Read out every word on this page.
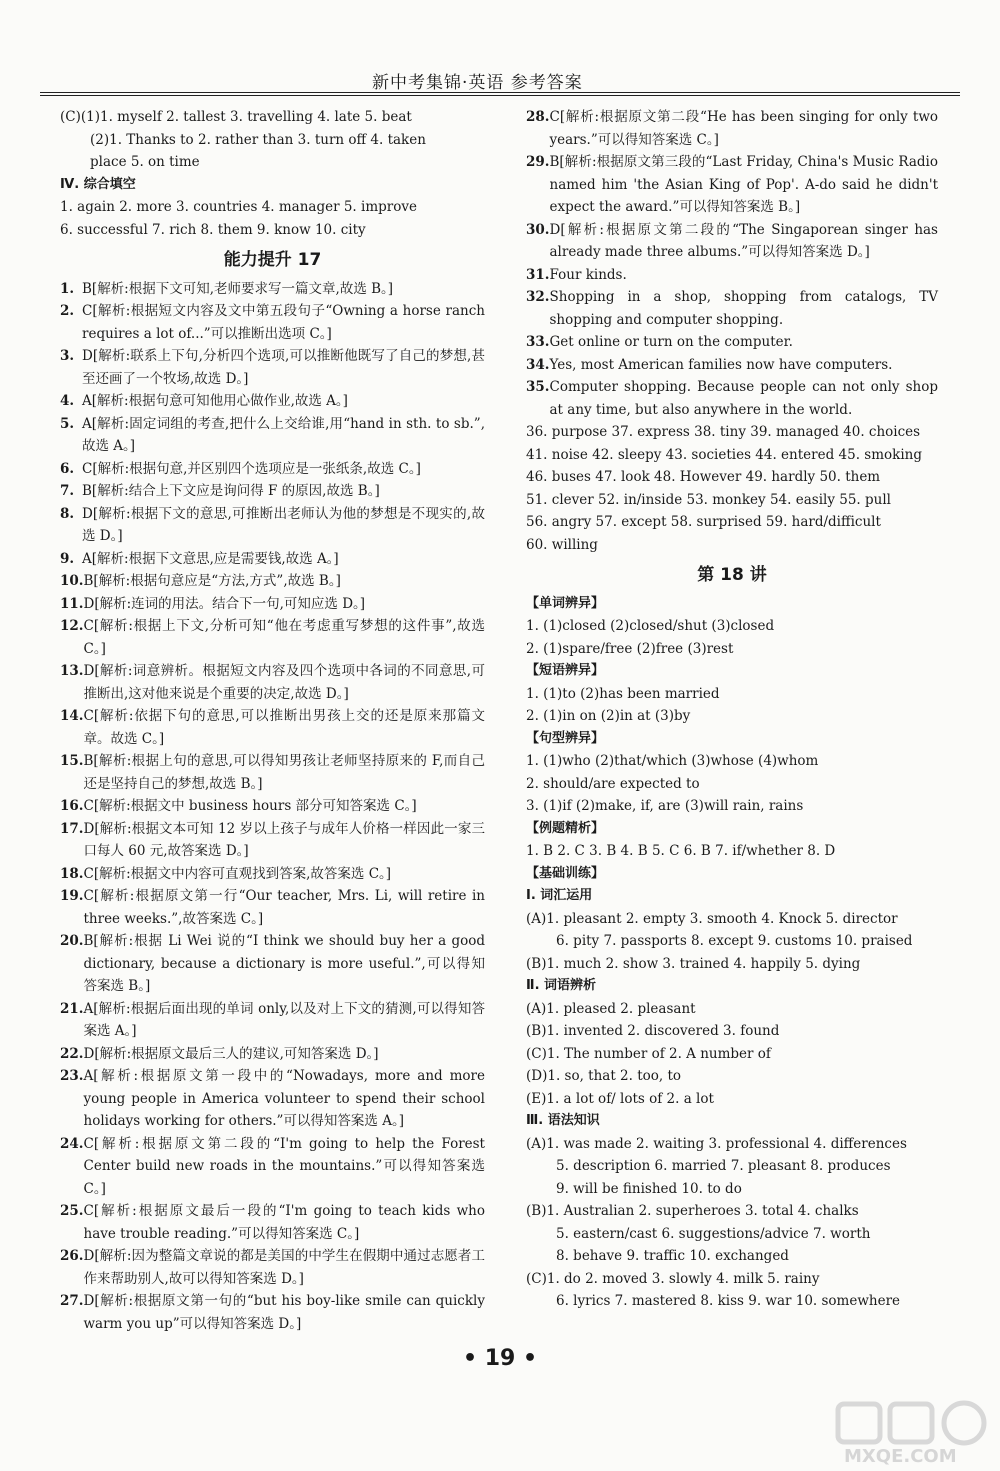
新中考集锦·英语 参考答案
(C)(1)1. myself 2. tallest 3. travelling 4. late 5. beat
(2)1. Thanks to 2. rather than 3. turn off 4. taken
place 5. on time
Ⅳ. 综合填空
1. again 2. more 3. countries 4. manager 5. improve
6. successful 7. rich 8. them 9. know 10. city
能力提升 17
1. B[解析:根据下文可知,老师要求写一篇文章,故选 B。]
2. C[解析:根据短文内容及文中第五段句子“Owning a horse ranch requires a lot of...”可以推断出选项 C。]
3. D[解析:联系上下句,分析四个选项,可以推断他既写了自己的梦想,甚至还画了一个牧场,故选 D。]
4. A[解析:根据句意可知他用心做作业,故选 A。]
5. A[解析:固定词组的考查,把什么上交给谁,用“hand in sth. to sb.”,故选 A。]
6. C[解析:根据句意,并区别四个选项应是一张纸条,故选 C。]
7. B[解析:结合上下文应是询问得 F 的原因,故选 B。]
8. D[解析:根据下文的意思,可推断出老师认为他的梦想是不现实的,故选 D。]
9. A[解析:根据下文意思,应是需要钱,故选 A。]
10. B[解析:根据句意应是“方法,方式”,故选 B。]
11. D[解析:连词的用法。结合下一句,可知应选 D。]
12. C[解析:根据上下文,分析可知“他在考虑重写梦想的这件事”,故选 C。]
13. D[解析:词意辨析。根据短文内容及四个选项中各词的不同意思,可推断出,这对他来说是个重要的决定,故选 D。]
14. C[解析:依据下句的意思,可以推断出男孩上交的还是原来那篇文章。故选 C。]
15. B[解析:根据上句的意思,可以得知男孩让老师坚持原来的 F,而自己还是坚持自己的梦想,故选 B。]
16. C[解析:根据文中 business hours 部分可知答案选 C。]
17. D[解析:根据文本可知 12 岁以上孩子与成年人价格一样因此一家三口每人 60 元,故答案选 D。]
18. C[解析:根据文中内容可直观找到答案,故答案选 C。]
19. C[解析:根据原文第一行“Our teacher, Mrs. Li, will retire in three weeks.”,故答案选 C。]
20. B[解析:根据 Li Wei 说的“I think we should buy her a good dictionary, because a dictionary is more useful.”,可以得知答案选 B。]
21. A[解析:根据后面出现的单词 only,以及对上下文的猜测,可以得知答案选 A。]
22. D[解析:根据原文最后三人的建议,可知答案选 D。]
23. A[解析:根据原文第一段中的“Nowadays, more and more young people in America volunteer to spend their school holidays working for others.”可以得知答案选 A。]
24. C[解析:根据原文第二段的“I'm going to help the Forest Center build new roads in the mountains.”可以得知答案选 C。]
25. C[解析:根据原文最后一段的“I'm going to teach kids who have trouble reading.”可以得知答案选 C。]
26. D[解析:因为整篇文章说的都是美国的中学生在假期中通过志愿者工作来帮助别人,故可以得知答案选 D。]
27. D[解析:根据原文第一句的“but his boy-like smile can quickly warm you up”可以得知答案选 D。]
28. C[解析:根据原文第二段“He has been singing for only two years.”可以得知答案选 C。]
29. B[解析:根据原文第三段的“Last Friday, China's Music Radio named him 'the Asian King of Pop'. A-do said he didn't expect the award.”可以得知答案选 B。]
30. D[解析:根据原文第二段的“The Singaporean singer has already made three albums.”可以得知答案选 D。]
31. Four kinds.
32. Shopping in a shop, shopping from catalogs, TV shopping and computer shopping.
33. Get online or turn on the computer.
34. Yes, most American families now have computers.
35. Computer shopping. Because people can not only shop at any time, but also anywhere in the world.
36. purpose 37. express 38. tiny 39. managed 40. choices
41. noise 42. sleepy 43. societies 44. entered 45. smoking
46. buses 47. look 48. However 49. hardly 50. them
51. clever 52. in/inside 53. monkey 54. easily 55. pull
56. angry 57. except 58. surprised 59. hard/difficult
60. willing
第 18 讲
【单词辨异】
1. (1)closed (2)closed/shut (3)closed
2. (1)spare/free (2)free (3)rest
【短语辨异】
1. (1)to (2)has been married
2. (1)in on (2)in at (3)by
【句型辨异】
1. (1)who (2)that/which (3)whose (4)whom
2. should/are expected to
3. (1)if (2)make, if, are (3)will rain, rains
【例题精析】
1. B 2. C 3. B 4. B 5. C 6. B 7. if/whether 8. D
【基础训练】
Ⅰ. 词汇运用
(A)1. pleasant 2. empty 3. smooth 4. Knock 5. director
6. pity 7. passports 8. except 9. customs 10. praised
(B)1. much 2. show 3. trained 4. happily 5. dying
Ⅱ. 词语辨析
(A)1. pleased 2. pleasant
(B)1. invented 2. discovered 3. found
(C)1. The number of 2. A number of
(D)1. so, that 2. too, to
(E)1. a lot of/ lots of 2. a lot
Ⅲ. 语法知识
(A)1. was made 2. waiting 3. professional 4. differences
5. description 6. married 7. pleasant 8. produces
9. will be finished 10. to do
(B)1. Australian 2. superheroes 3. total 4. chalks
5. eastern/cast 6. suggestions/advice 7. worth
8. behave 9. traffic 10. exchanged
(C)1. do 2. moved 3. slowly 4. milk 5. rainy
6. lyrics 7. mastered 8. kiss 9. war 10. somewhere
• 19 •
MXQE.COM
